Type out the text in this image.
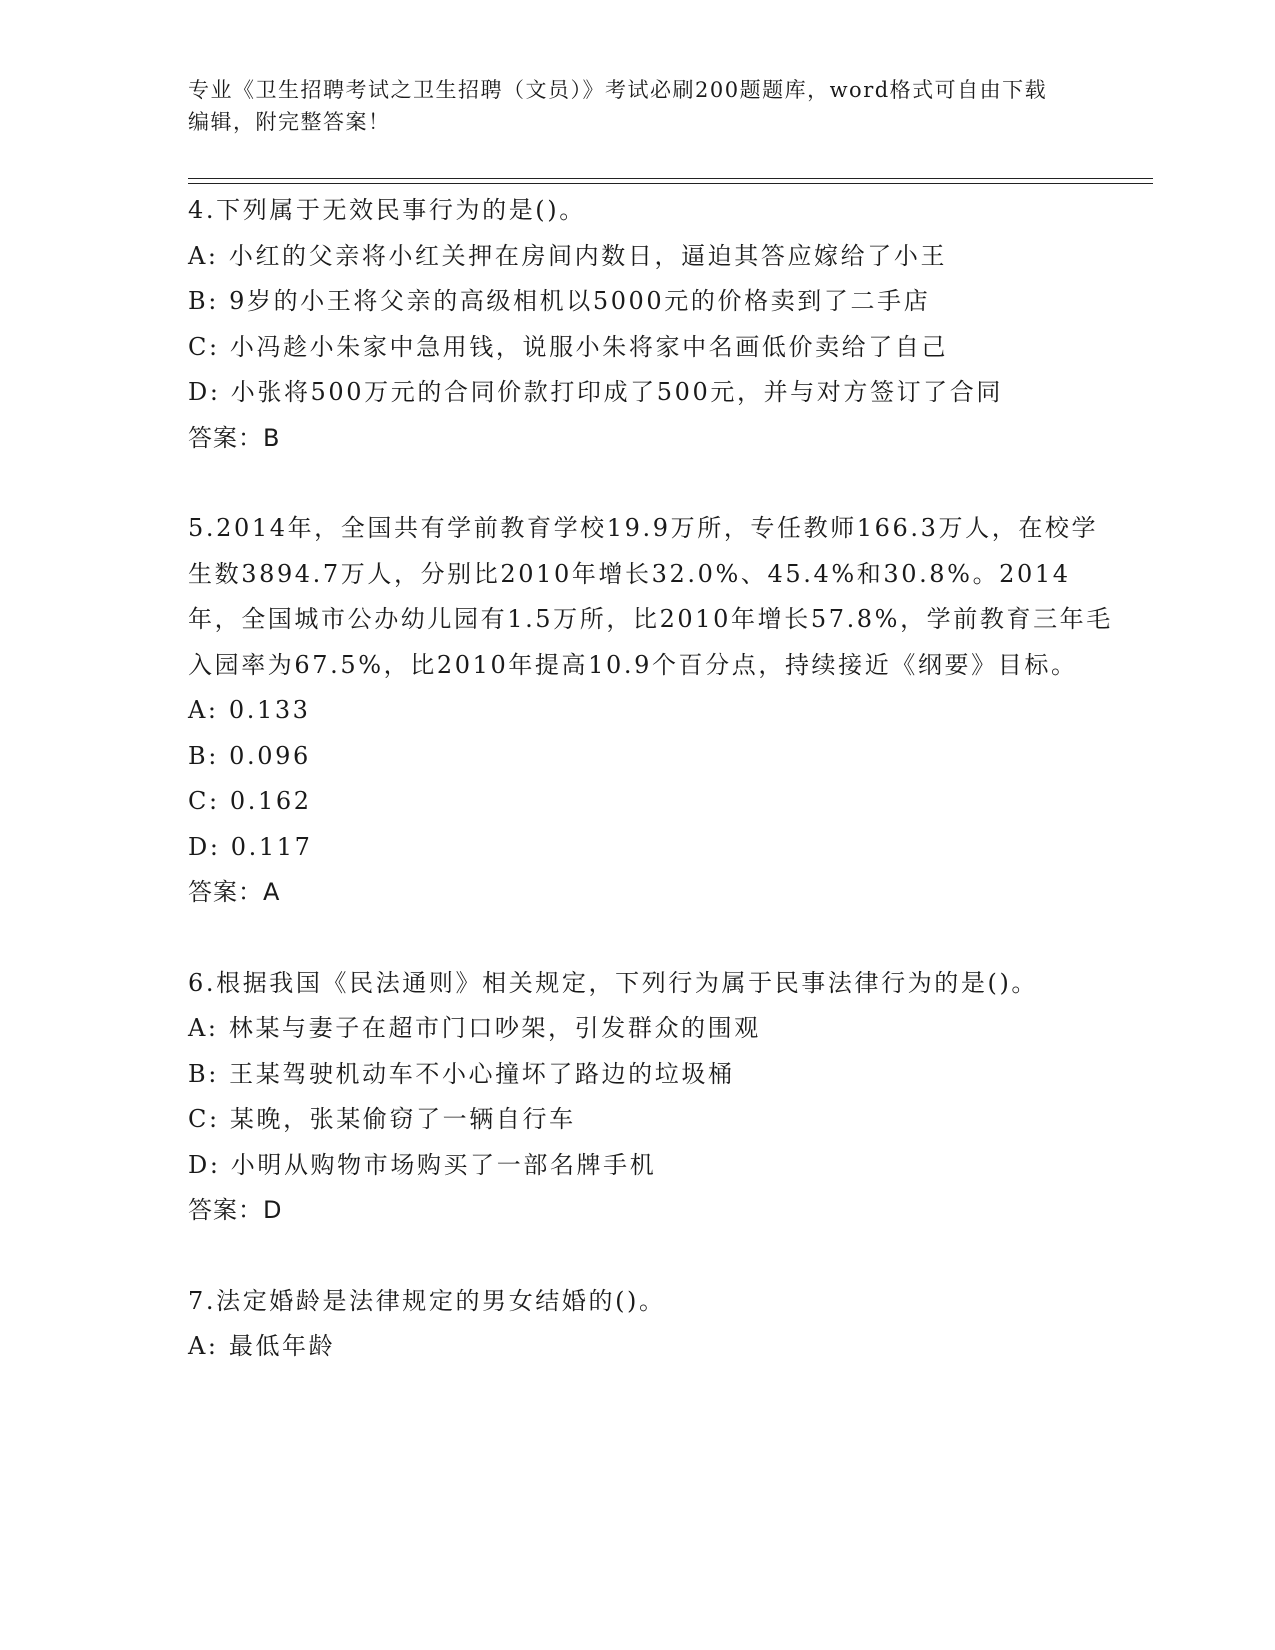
专业《卫生招聘考试之卫生招聘（文员）》考试必刷200题题库，word格式可自由下载编辑，附完整答案！
4.下列属于无效民事行为的是()。
A: 小红的父亲将小红关押在房间内数日，逼迫其答应嫁给了小王
B: 9岁的小王将父亲的高级相机以5000元的价格卖到了二手店
C: 小冯趁小朱家中急用钱，说服小朱将家中名画低价卖给了自己
D: 小张将500万元的合同价款打印成了500元，并与对方签订了合同
答案：B
5.2014年，全国共有学前教育学校19.9万所，专任教师166.3万人，在校学生数3894.7万人，分别比2010年增长32.0%、45.4%和30.8%。2014年，全国城市公办幼儿园有1.5万所，比2010年增长57.8%，学前教育三年毛入园率为67.5%，比2010年提高10.9个百分点，持续接近《纲要》目标。
A: 0.133
B: 0.096
C: 0.162
D: 0.117
答案：A
6.根据我国《民法通则》相关规定，下列行为属于民事法律行为的是()。
A: 林某与妻子在超市门口吵架，引发群众的围观
B: 王某驾驶机动车不小心撞坏了路边的垃圾桶
C: 某晚，张某偷窃了一辆自行车
D: 小明从购物市场购买了一部名牌手机
答案：D
7.法定婚龄是法律规定的男女结婚的()。
A: 最低年龄
